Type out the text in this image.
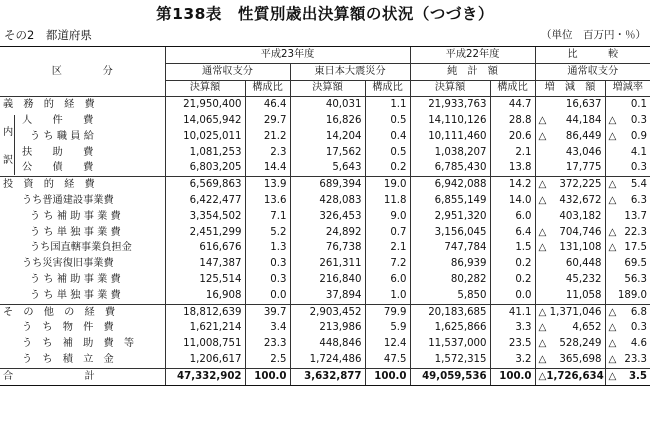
第138表　性質別歳出決算額の状況（つづき）
その2　都道府県	（単位　百万円・％）
区　　　　分	平成23年度				平成22年度		比　　　較	
	通常収支分		東日本大震災分		純　計　額		通常収支分	
	決算額	構成比	決算額	構成比	決算額	構成比	増　減　額	増減率
義　務　的　経　費	21,950,400	46.4	40,031	1.1	21,933,763	44.7	16,637	0.1
人　　件　　費	14,065,942	29.7	16,826	0.5	14,110,126	28.8	△ 44,184	△ 0.3
う ち 職 員 給	10,025,011	21.2	14,204	0.4	10,111,460	20.6	△ 86,449	△ 0.9
扶　　助　　費	1,081,253	2.3	17,562	0.5	1,038,207	2.1	43,046	4.1
公　　債　　費	6,803,205	14.4	5,643	0.2	6,785,430	13.8	17,775	0.3
投　資　的　経　費	6,569,863	13.9	689,394	19.0	6,942,088	14.2	△ 372,225	△ 5.4
うち普通建設事業費	6,422,477	13.6	428,083	11.8	6,855,149	14.0	△ 432,672	△ 6.3
う ち 補 助 事 業 費	3,354,502	7.1	326,453	9.0	2,951,320	6.0	403,182	13.7
う ち 単 独 事 業 費	2,451,299	5.2	24,892	0.7	3,156,045	6.4	△ 704,746	△ 22.3
うち国直轄事業負担金	616,676	1.3	76,738	2.1	747,784	1.5	△ 131,108	△ 17.5
うち災害復旧事業費	147,387	0.3	261,311	7.2	86,939	0.2	60,448	69.5
う ち 補 助 事 業 費	125,514	0.3	216,840	6.0	80,282	0.2	45,232	56.3
う ち 単 独 事 業 費	16,908	0.0	37,894	1.0	5,850	0.0	11,058	189.0
そ　の　他　の　経　費	18,812,639	39.7	2,903,452	79.9	20,183,685	41.1	△ 1,371,046	△ 6.8
う　ち　物　件　費	1,621,214	3.4	213,986	5.9	1,625,866	3.3	△ 4,652	△ 0.3
う　ち　補　助　費　等	11,008,751	23.3	448,846	12.4	11,537,000	23.5	△ 528,249	△ 4.6
う　ち　積　立　金	1,206,617	2.5	1,724,486	47.5	1,572,315	3.2	△ 365,698	△ 23.3
合　　　　　　　計	47,332,902	100.0	3,632,877	100.0	49,059,536	100.0	△ 1,726,634	△ 3.5
内
訳
